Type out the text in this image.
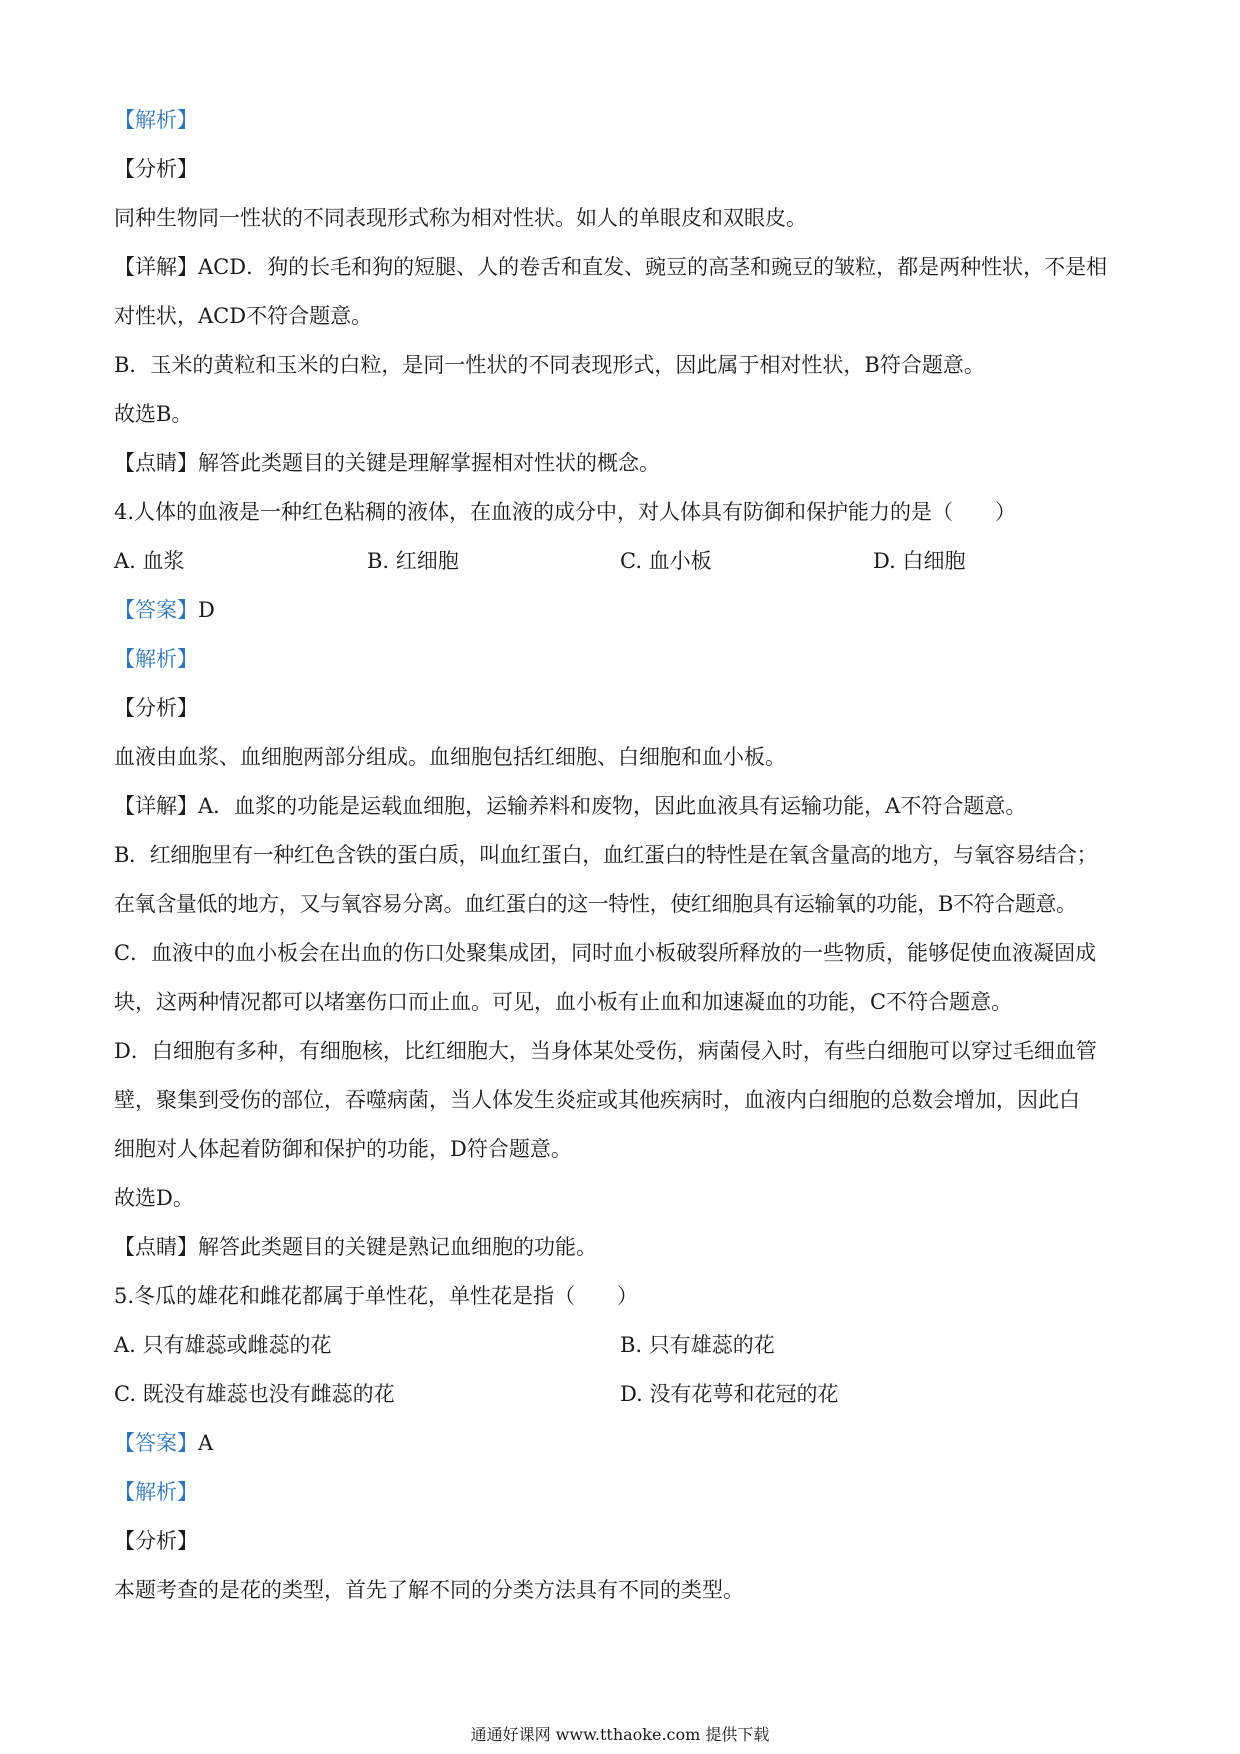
【解析】

【分析】

同种生物同一性状的不同表现形式称为相对性状。如人的单眼皮和双眼皮。

【详解】ACD．狗的长毛和狗的短腿、人的卷舌和直发、豌豆的高茎和豌豆的皱粒，都是两种性状，不是相

对性状，ACD不符合题意。

B．玉米的黄粒和玉米的白粒，是同一性状的不同表现形式，因此属于相对性状，B符合题意。

故选B。

【点睛】解答此类题目的关键是理解掌握相对性状的概念。

4.人体的血液是一种红色粘稠的液体，在血液的成分中，对人体具有防御和保护能力的是（　　）

A. 血浆	B. 红细胞	C. 血小板	D. 白细胞

【答案】D

【解析】

【分析】

血液由血浆、血细胞两部分组成。血细胞包括红细胞、白细胞和血小板。

【详解】A．血浆的功能是运载血细胞，运输养料和废物，因此血液具有运输功能，A不符合题意。

B．红细胞里有一种红色含铁的蛋白质，叫血红蛋白，血红蛋白的特性是在氧含量高的地方，与氧容易结合；

在氧含量低的地方，又与氧容易分离。血红蛋白的这一特性，使红细胞具有运输氧的功能，B不符合题意。

C．血液中的血小板会在出血的伤口处聚集成团，同时血小板破裂所释放的一些物质，能够促使血液凝固成

块，这两种情况都可以堵塞伤口而止血。可见，血小板有止血和加速凝血的功能，C不符合题意。

D．白细胞有多种，有细胞核，比红细胞大，当身体某处受伤，病菌侵入时，有些白细胞可以穿过毛细血管

壁，聚集到受伤的部位，吞噬病菌，当人体发生炎症或其他疾病时，血液内白细胞的总数会增加，因此白

细胞对人体起着防御和保护的功能，D符合题意。

故选D。

【点睛】解答此类题目的关键是熟记血细胞的功能。

5.冬瓜的雄花和雌花都属于单性花，单性花是指（　　）

A. 只有雄蕊或雌蕊的花	B. 只有雄蕊的花
C. 既没有雄蕊也没有雌蕊的花	D. 没有花萼和花冠的花

【答案】A

【解析】

【分析】

本题考查的是花的类型，首先了解不同的分类方法具有不同的类型。

通通好课网 www.tthaoke.com 提供下载
